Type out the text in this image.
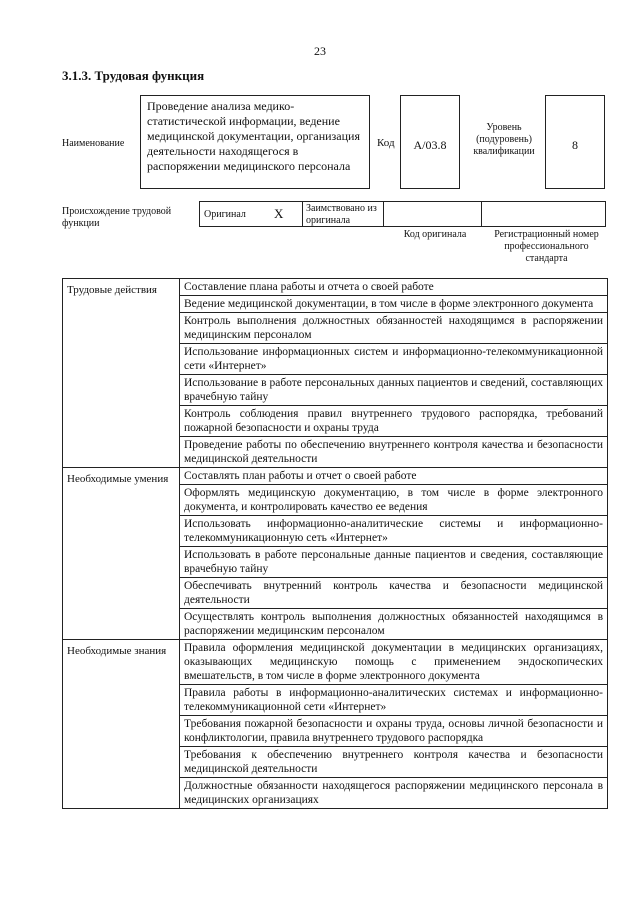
23
3.1.3. Трудовая функция
Наименование
Проведение анализа медико-статистической информации, ведение медицинской документации, организация деятельности находящегося в распоряжении медицинского персонала
Код	A/03.8
Уровень (подуровень) квалификации	8
Происхождение трудовой функции
Оригинал X Заимствовано из оригинала
Код оригинала	Регистрационный номер профессионального стандарта
Трудовые действия	Составление плана работы и отчета о своей работе
	Ведение медицинской документации, в том числе в форме электронного документа
	Контроль выполнения должностных обязанностей находящимся в распоряжении медицинским персоналом
	Использование информационных систем и информационно-телекоммуникационной сети «Интернет»
	Использование в работе персональных данных пациентов и сведений, составляющих врачебную тайну
	Контроль соблюдения правил внутреннего трудового распорядка, требований пожарной безопасности и охраны труда
	Проведение работы по обеспечению внутреннего контроля качества и безопасности медицинской деятельности
Необходимые умения	Составлять план работы и отчет о своей работе
	Оформлять медицинскую документацию, в том числе в форме электронного документа, и контролировать качество ее ведения
	Использовать информационно-аналитические системы и информационно-телекоммуникационную сеть «Интернет»
	Использовать в работе персональные данные пациентов и сведения, составляющие врачебную тайну
	Обеспечивать внутренний контроль качества и безопасности медицинской деятельности
	Осуществлять контроль выполнения должностных обязанностей находящимся в распоряжении медицинским персоналом
Необходимые знания	Правила оформления медицинской документации в медицинских организациях, оказывающих медицинскую помощь с применением эндоскопических вмешательств, в том числе в форме электронного документа
	Правила работы в информационно-аналитических системах и информационно-телекоммуникационной сети «Интернет»
	Требования пожарной безопасности и охраны труда, основы личной безопасности и конфликтологии, правила внутреннего трудового распорядка
	Требования к обеспечению внутреннего контроля качества и безопасности медицинской деятельности
	Должностные обязанности находящегося распоряжении медицинского персонала в медицинских организациях
